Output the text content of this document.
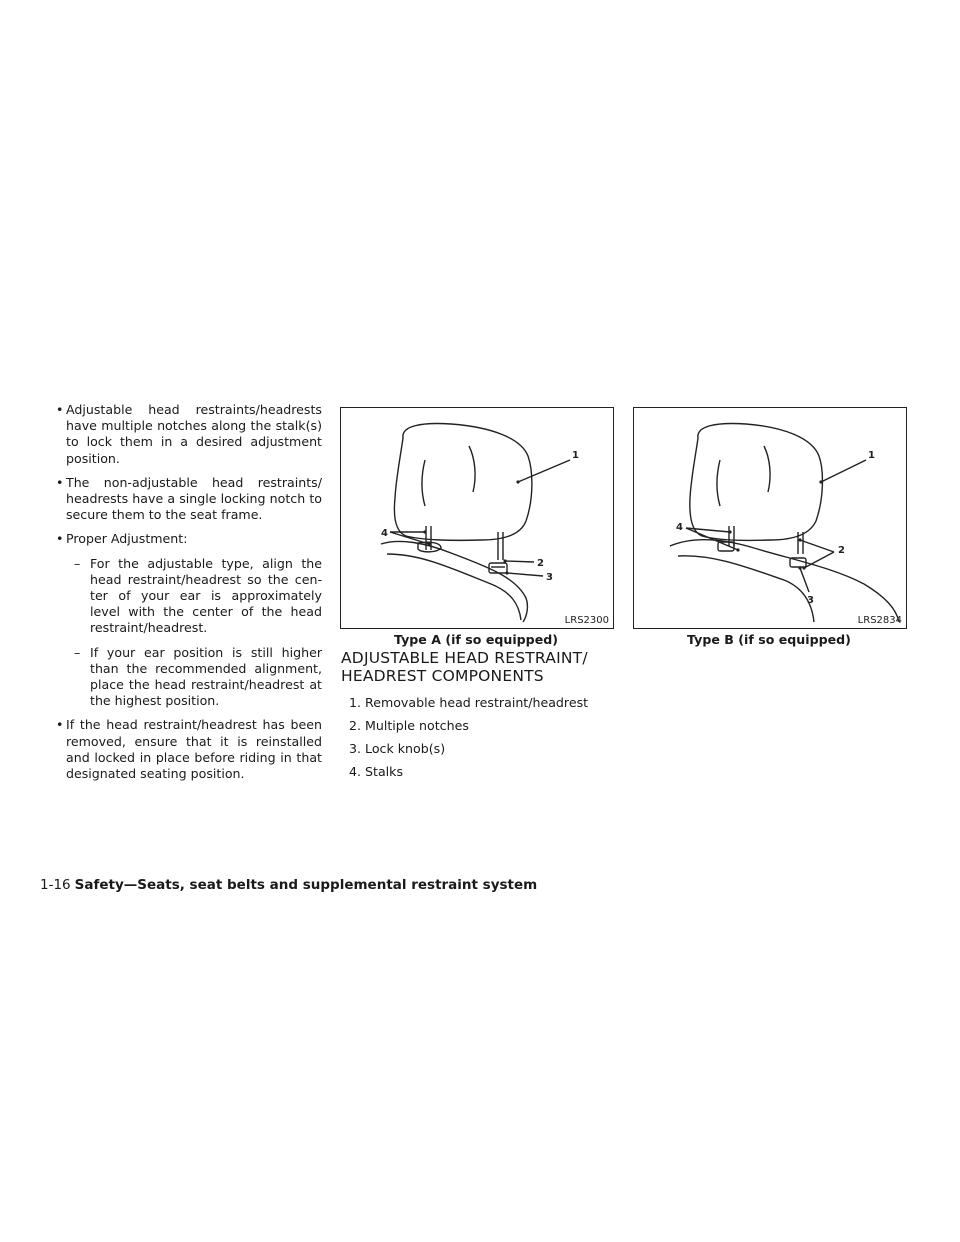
• Adjustable head restraints/headrests have multiple notches along the stalk(s) to lock them in a desired adjustment position.

• The non-adjustable head restraints/ headrests have a single locking notch to secure them to the seat frame.

• Proper Adjustment:

– For the adjustable type, align the head restraint/headrest so the cen- ter of your ear is approximately level with the center of the head restraint/headrest.

– If your ear position is still higher than the recommended alignment, place the head restraint/headrest at the highest position.

• If the head restraint/headrest has been removed, ensure that it is reinstalled and locked in place before riding in that designated seating position.

1
2
3
4
LRS2300
Type A (if so equipped)
1
2
3
4
LRS2834
Type B (if so equipped)
ADJUSTABLE HEAD RESTRAINT/
HEADREST COMPONENTS
1. Removable head restraint/headrest
2. Multiple notches
3. Lock knob(s)
4. Stalks
1-16 Safety—Seats, seat belts and supplemental restraint system
